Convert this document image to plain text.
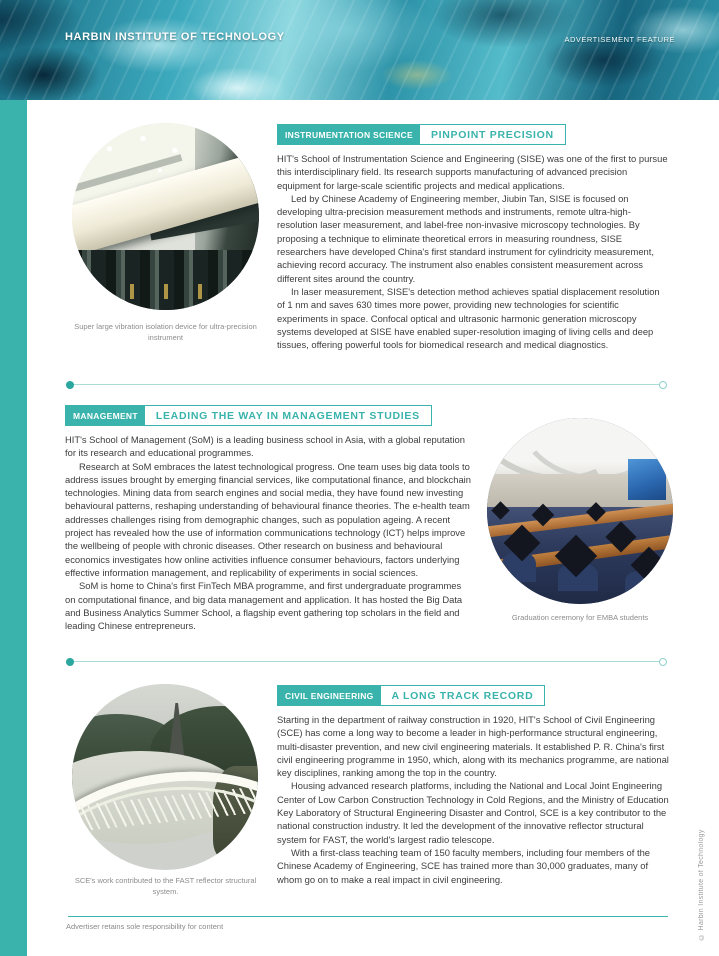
HARBIN INSTITUTE OF TECHNOLOGY	ADVERTISEMENT FEATURE
Super large vibration isolation device for ultra-precision instrument
INSTRUMENTATION SCIENCE	PINPOINT PRECISION

HIT's School of Instrumentation Science and Engineering (SISE) was one of the first to pursue this interdisciplinary field. Its research supports manufacturing of advanced precision equipment for large-scale scientific projects and medical applications.

Led by Chinese Academy of Engineering member, Jiubin Tan, SISE is focused on developing ultra-precision measurement methods and instruments, remote ultra-high-resolution laser measurement, and label-free non-invasive microscopy technologies. By proposing a technique to eliminate theoretical errors in measuring roundness, SISE researchers have developed China's first standard instrument for cylindricity measurement, achieving record accuracy. The instrument also enables consistent measurement across different sites around the country.

In laser measurement, SISE's detection method achieves spatial displacement resolution of 1 nm and saves 630 times more power, providing new technologies for scientific experiments in space. Confocal optical and ultrasonic harmonic generation microscopy systems developed at SISE have enabled super-resolution imaging of living cells and deep tissues, offering powerful tools for biomedical research and medical diagnostics.

MANAGEMENT	LEADING THE WAY IN MANAGEMENT STUDIES

HIT's School of Management (SoM) is a leading business school in Asia, with a global reputation for its research and educational programmes.

Research at SoM embraces the latest technological progress. One team uses big data tools to address issues brought by emerging financial services, like computational finance, and blockchain technologies. Mining data from search engines and social media, they have found new investing behavioural patterns, reshaping understanding of behavioural finance theories. The e-health team addresses challenges rising from demographic changes, such as population ageing. A recent project has revealed how the use of information communications technology (ICT) helps improve the wellbeing of people with chronic diseases. Other research on business and behavioural economics investigates how online activities influence consumer behaviours, factors underlying effective information management, and replicability of experiments in social sciences.

SoM is home to China's first FinTech MBA programme, and first undergraduate programmes on computational finance, and big data management and application. It has hosted the Big Data and Business Analytics Summer School, a flagship event gathering top scholars in the field and leading Chinese entrepreneurs.

Graduation ceremony for EMBA students
SCE's work contributed to the FAST reflector structural system.
CIVIL ENGINEERING	A LONG TRACK RECORD

Starting in the department of railway construction in 1920, HIT's School of Civil Engineering (SCE) has come a long way to become a leader in high-performance structural engineering, multi-disaster prevention, and new civil engineering materials. It established P. R. China's first civil engineering programme in 1950, which, along with its mechanics programme, are national key disciplines, ranking among the top in the country.

Housing advanced research platforms, including the National and Local Joint Engineering Center of Low Carbon Construction Technology in Cold Regions, and the Ministry of Education Key Laboratory of Structural Engineering Disaster and Control, SCE is a key contributor to the national construction industry. It led the development of the innovative reflector structural system for FAST, the world's largest radio telescope.

With a first-class teaching team of 150 faculty members, including four members of the Chinese Academy of Engineering, SCE has trained more than 30,000 graduates, many of whom go on to make a real impact in civil engineering.	© Harbin Institute of Technology
Advertiser retains sole responsibility for content
